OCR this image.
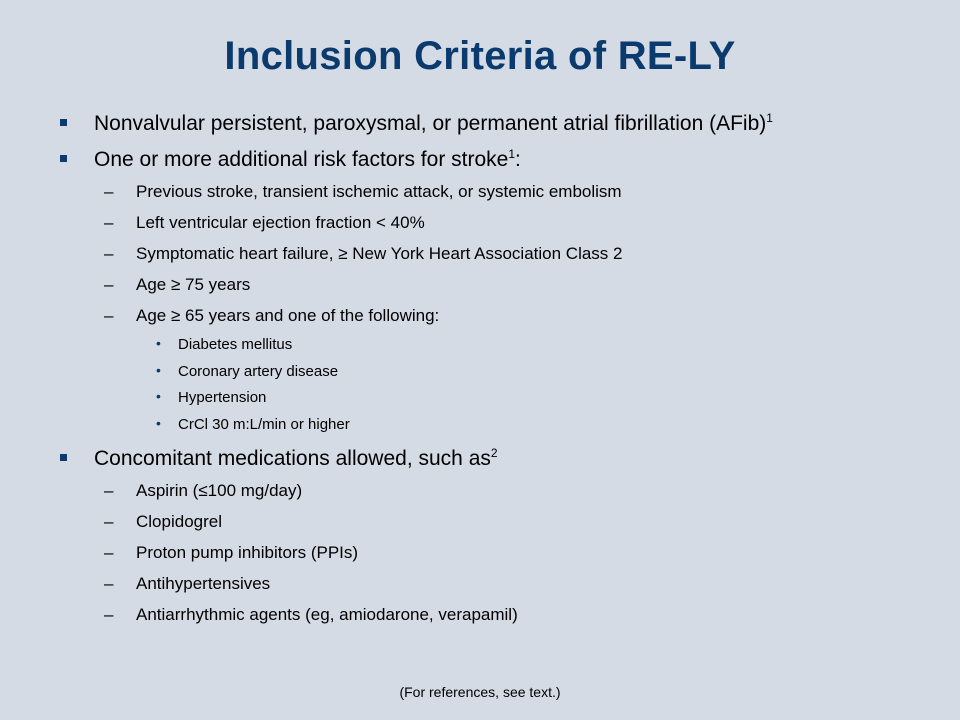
Inclusion Criteria of RE-LY
Nonvalvular persistent, paroxysmal, or permanent atrial fibrillation (AFib)$^1$
One or more additional risk factors for stroke$^1$:
– Previous stroke, transient ischemic attack, or systemic embolism
– Left ventricular ejection fraction < 40%
– Symptomatic heart failure, ≥ New York Heart Association Class 2
– Age ≥ 75 years
– Age ≥ 65 years and one of the following:
• Diabetes mellitus
• Coronary artery disease
• Hypertension
• CrCl 30 m:L/min or higher
Concomitant medications allowed, such $as^2$
– Aspirin (≤100 mg/day)
– Clopidogrel
– Proton pump inhibitors (PPIs)
– Antihypertensives
– Antiarrhythmic agents (eg, amiodarone, verapamil)
(For references, see text.)
